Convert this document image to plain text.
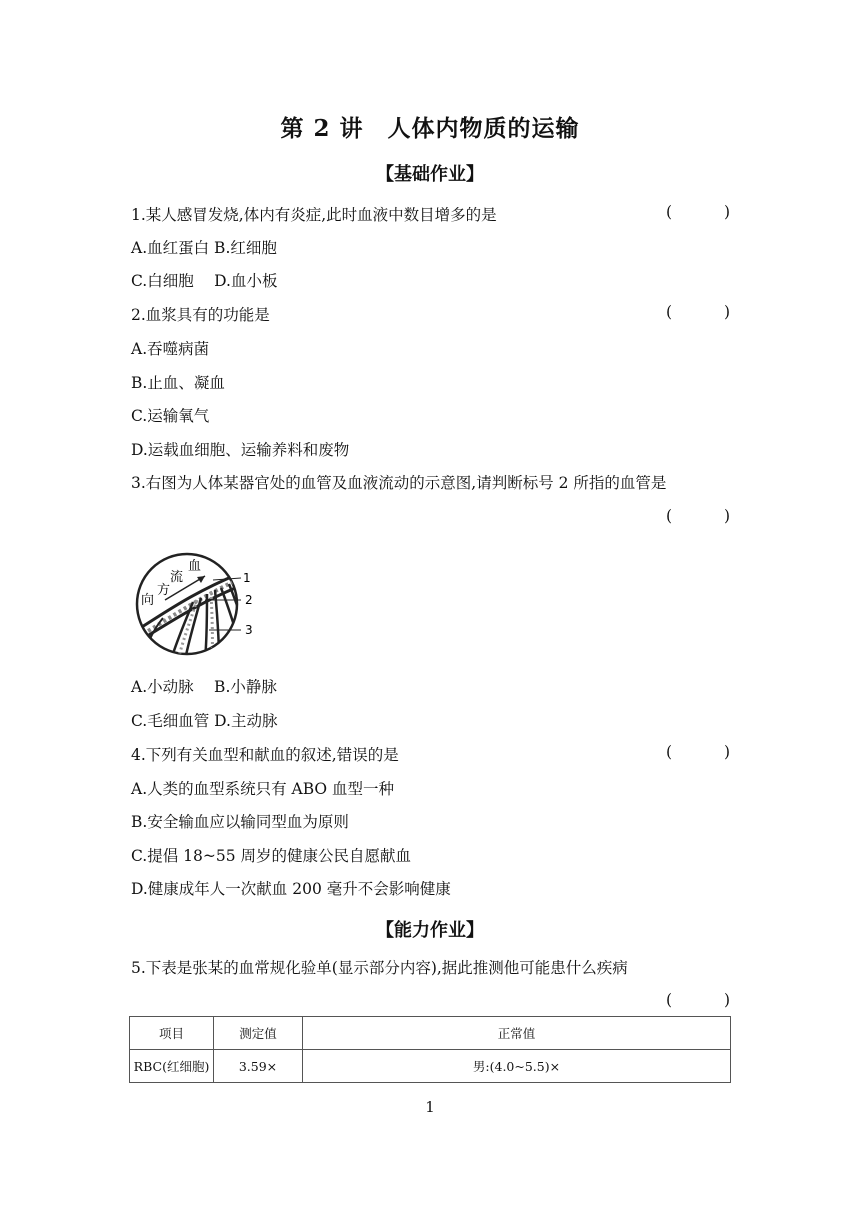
第 2 讲　人体内物质的运输
【基础作业】
1.某人感冒发烧,体内有炎症,此时血液中数目增多的是	(	)
A.血红蛋白 B.红细胞
C.白细胞　 D.血小板
2.血浆具有的功能是	(	)
A.吞噬病菌
B.止血、凝血
C.运输氧气
D.运载血细胞、运输养料和废物
3.右图为人体某器官处的血管及血液流动的示意图,请判断标号 2 所指的血管是
(	)
血
流
方
向
1
2
3
A.小动脉　 B.小静脉
C.毛细血管 D.主动脉
4.下列有关血型和献血的叙述,错误的是	(	)
A.人类的血型系统只有 ABO 血型一种
B.安全输血应以输同型血为原则
C.提倡 18~55 周岁的健康公民自愿献血
D.健康成年人一次献血 200 毫升不会影响健康
【能力作业】
5.下表是张某的血常规化验单(显示部分内容),据此推测他可能患什么疾病
(	)
项目	测定值	正常值
RBC(红细胞)	3.59×	男:(4.0~5.5)×
1
